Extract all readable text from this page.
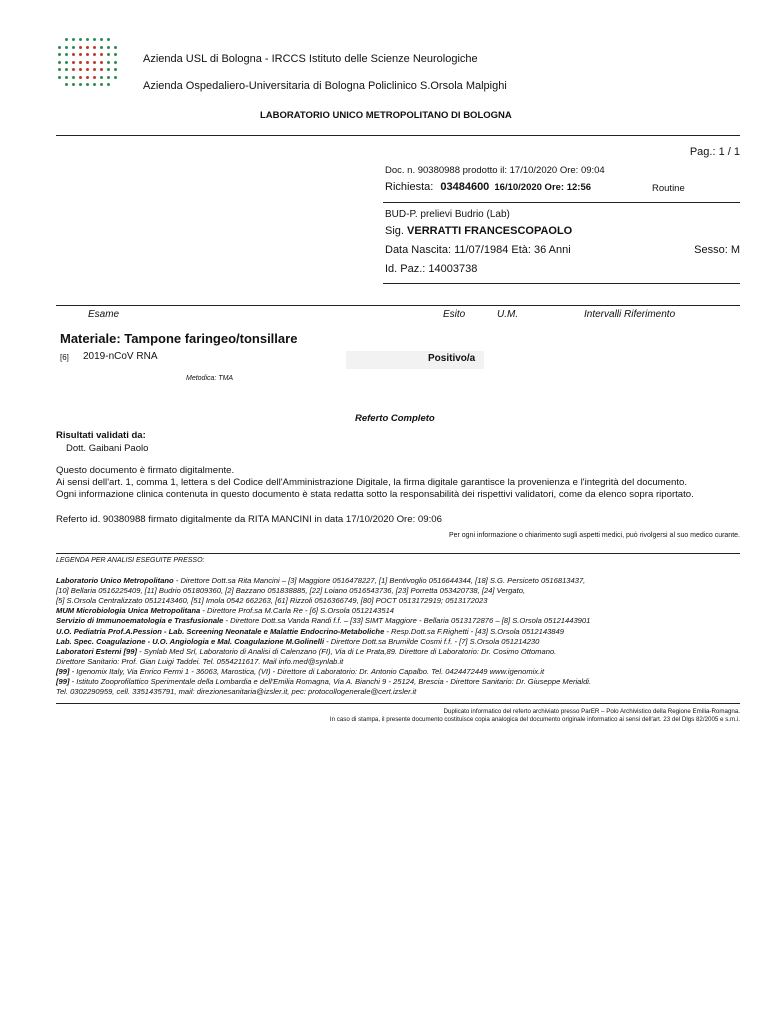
Azienda USL di Bologna - IRCCS Istituto delle Scienze Neurologiche
Azienda Ospedaliero-Universitaria di Bologna Policlinico S.Orsola Malpighi
LABORATORIO UNICO METROPOLITANO DI BOLOGNA
Pag.: 1 / 1
Doc. n. 90380988 prodotto il: 17/10/2020 Ore: 09:04
Richiesta: 03484600 16/10/2020 Ore: 12:56	Routine
BUD-P. prelievi Budrio (Lab)
Sig. VERRATTI FRANCESCOPAOLO
Data Nascita: 11/07/1984 Età: 36 Anni	Sesso: M
Id. Paz.: 14003738
Esame	Esito	U.M.	Intervalli Riferimento
Materiale: Tampone faringeo/tonsillare
[6] 2019-nCoV RNA	Positivo/a
Metodica: TMA
Referto Completo
Risultati validati da:
Dott. Gaibani Paolo
Questo documento è firmato digitalmente.
Ai sensi dell'art. 1, comma 1, lettera s del Codice dell'Amministrazione Digitale, la firma digitale garantisce la provenienza e l'integrità del documento.
Ogni informazione clinica contenuta in questo documento è stata redatta sotto la responsabilità dei rispettivi validatori, come da elenco sopra riportato.
Referto id. 90380988 firmato digitalmente da RITA MANCINI in data 17/10/2020 Ore: 09:06
Per ogni informazione o chiarimento sugli aspetti medici, può rivolgersi al suo medico curante.
LEGENDA PER ANALISI ESEGUITE PRESSO:
Laboratorio Unico Metropolitano - Direttore Dott.sa Rita Mancini – [3] Maggiore 0516478227, [1] Bentivoglio 0516644344, [18] S.G. Persiceto 0516813437,
[10] Bellaria 0516225409, [11] Budrio 051809360, [2] Bazzano 051838885, [22] Loiano 0516543736, [23] Porretta 053420738, [24] Vergato,
[5] S.Orsola Centralizzato 0512143460, [51] Imola 0542 662263, [61] Rizzoli 0516366749, [80] POCT 0513172919; 0513172023
MUM Microbiologia Unica Metropolitana - Direttore Prof.sa M.Carla Re - [6] S.Orsola 0512143514
Servizio di Immunoematologia e Trasfusionale - Direttore Dott.sa Vanda Randi f.f. – [33] SIMT Maggiore - Bellaria 0513172876 – [8] S.Orsola 05121443901
U.O. Pediatria Prof.A.Pession - Lab. Screening Neonatale e Malattie Endocrino-Metaboliche - Resp.Dott.sa F.Righetti - [43] S.Orsola 0512143849
Lab. Spec. Coagulazione - U.O. Angiologia e Mal. Coagulazione M.Golinelli - Direttore Dott.sa Brumilde Cosmi f.f. - [7] S.Orsola 051214230
Laboratori Esterni [99] - Synlab Med Srl, Laboratorio di Analisi di Calenzano (FI), Via di Le Prata,89. Direttore di Laboratorio: Dr. Cosimo Ottomano.
Direttore Sanitario: Prof. Gian Luigi Taddei. Tel. 0554211617. Mail info.med@synlab.it
[99] - Igenomix Italy, Via Enrico Fermi 1 - 36063, Marostica, (VI) - Direttore di Laboratorio: Dr. Antonio Capalbo. Tel. 0424472449 www.igenomix.it
[99] - Istituto Zooprofilattico Sperimentale della Lombardia e dell'Emilia Romagna, Via A. Bianchi 9 - 25124, Brescia - Direttore Sanitario: Dr. Giuseppe Merialdi.
Tel. 0302290959, cell. 3351435791, mail: direzionesanitaria@izsler.it, pec: protocollogenerale@cert.izsler.it
Duplicato informatico del referto archiviato presso ParER – Polo Archivistico della Regione Emilia-Romagna.
In caso di stampa, il presente documento costituisce copia analogica del documento originale informatico ai sensi dell'art. 23 del Dlgs 82/2005 e s.m.i.
